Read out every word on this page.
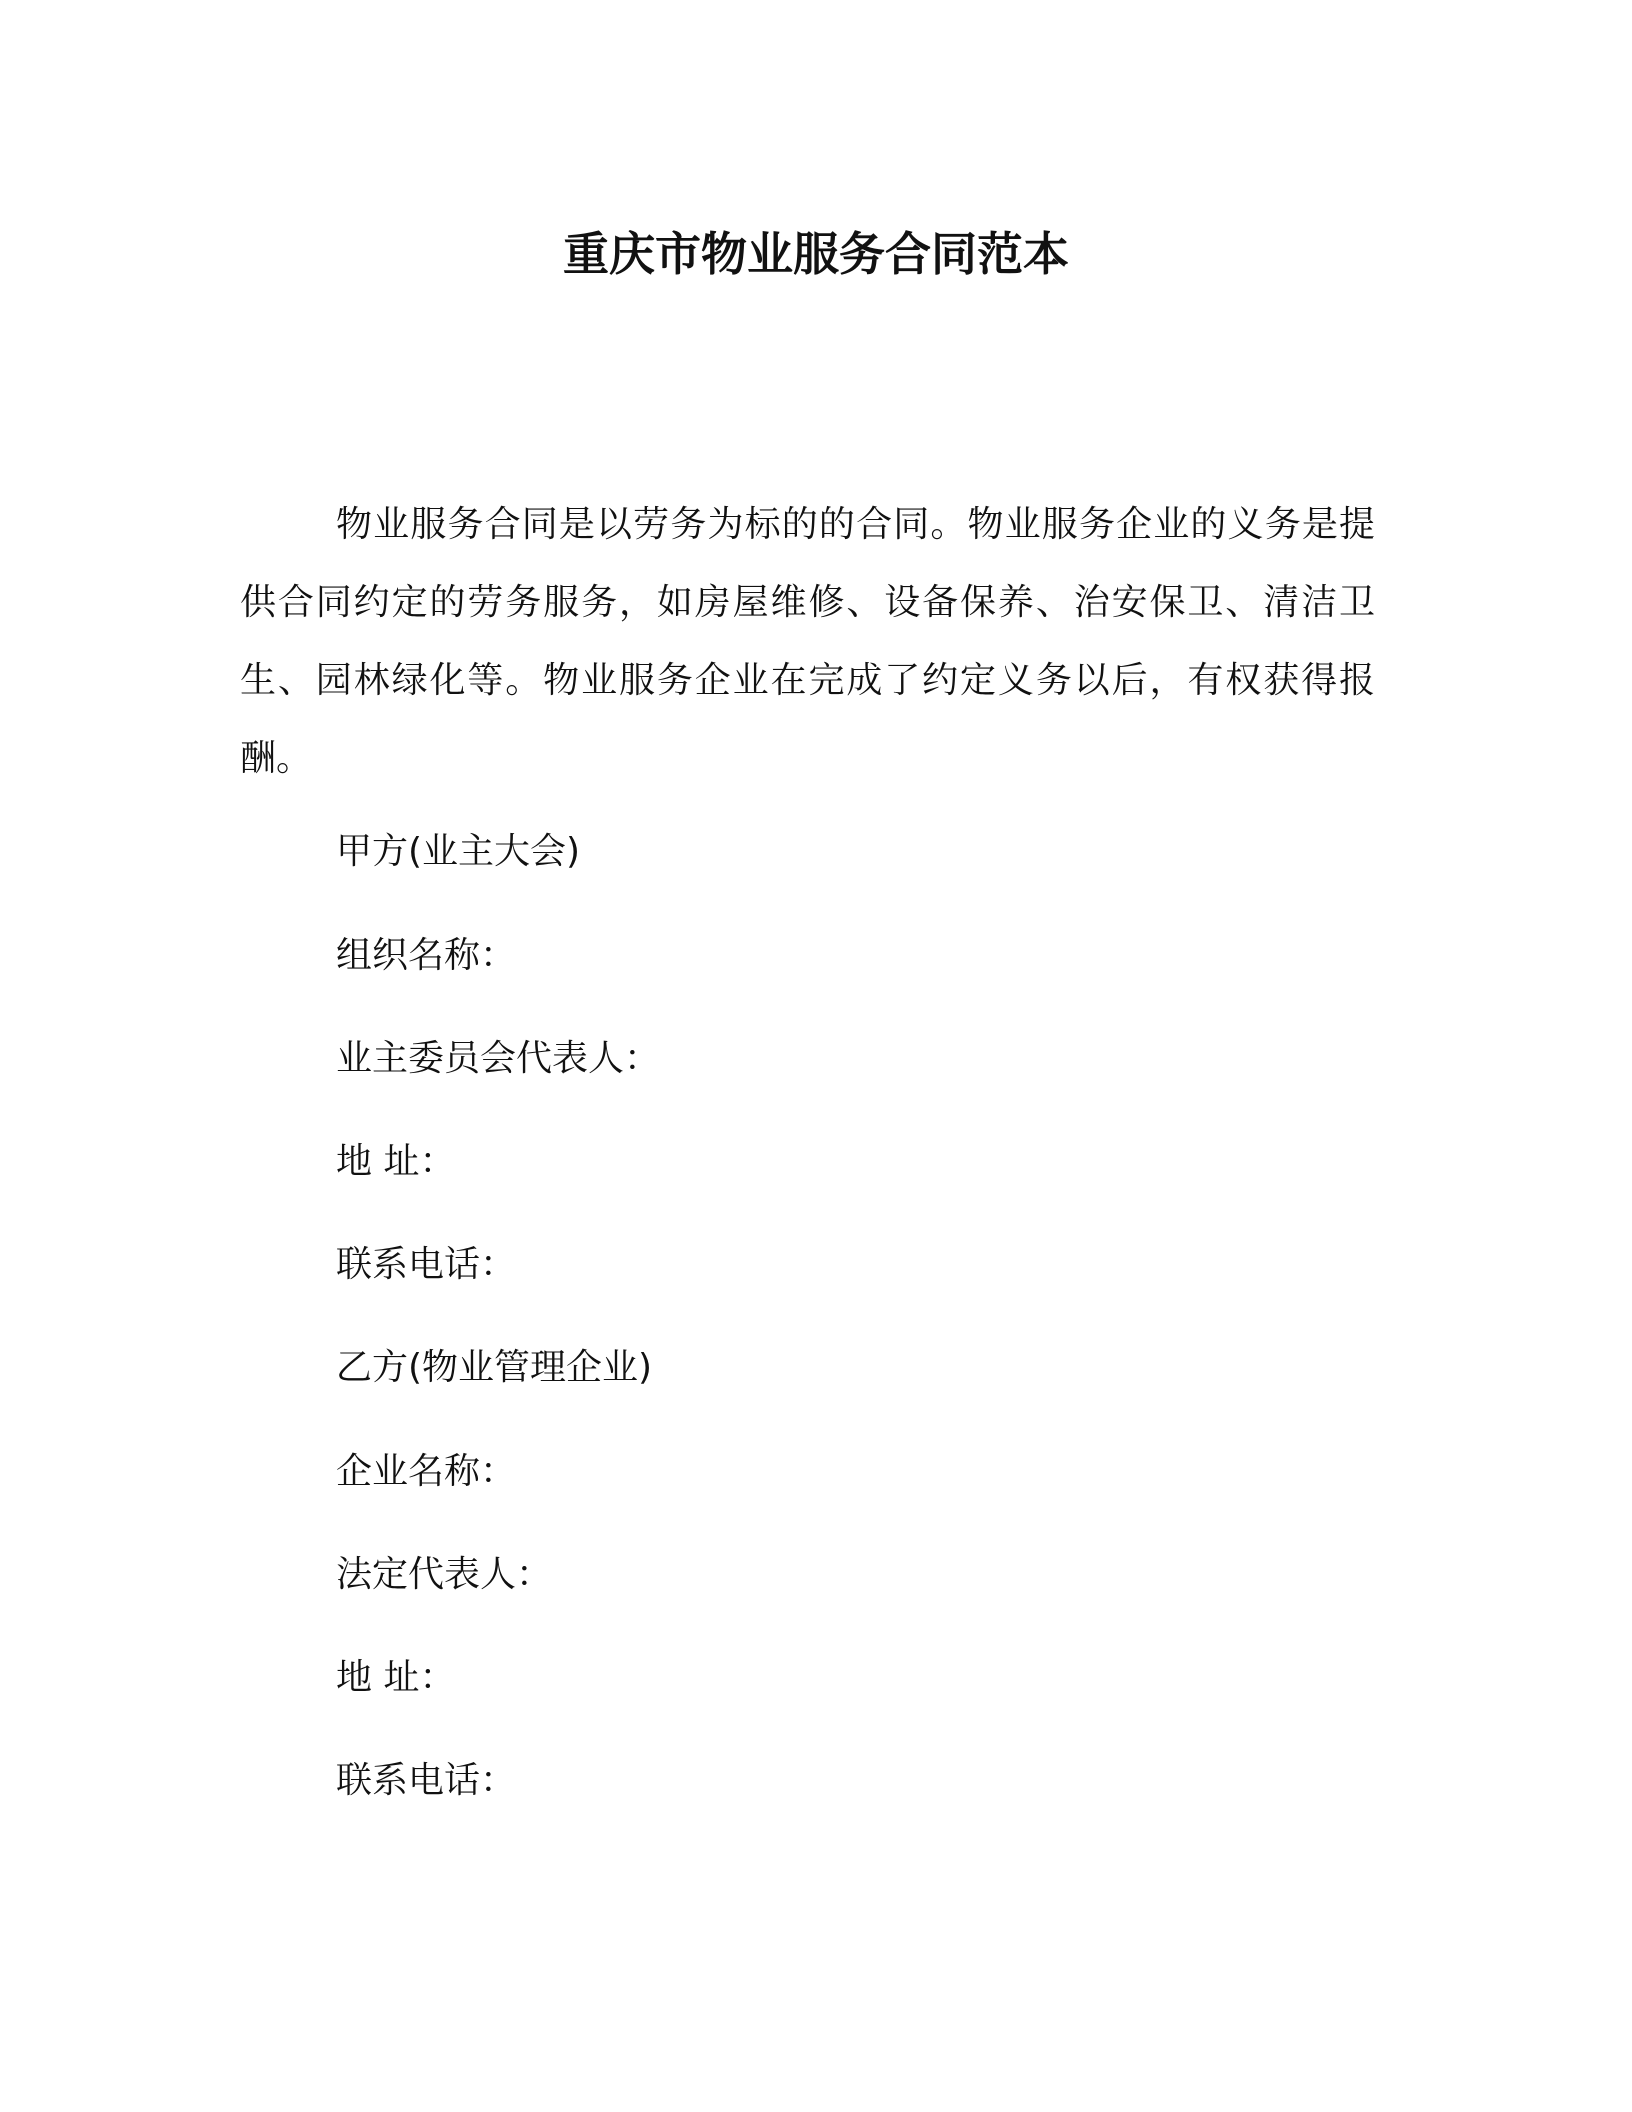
重庆市物业服务合同范本

物业服务合同是以劳务为标的的合同。物业服务企业的义务是提供合同约定的劳务服务，如房屋维修、设备保养、治安保卫、清洁卫生、园林绿化等。物业服务企业在完成了约定义务以后，有权获得报酬。

甲方(业主大会)

组织名称：

业主委员会代表人：

地 址：

联系电话：

乙方(物业管理企业)

企业名称：

法定代表人：

地 址：

联系电话：
